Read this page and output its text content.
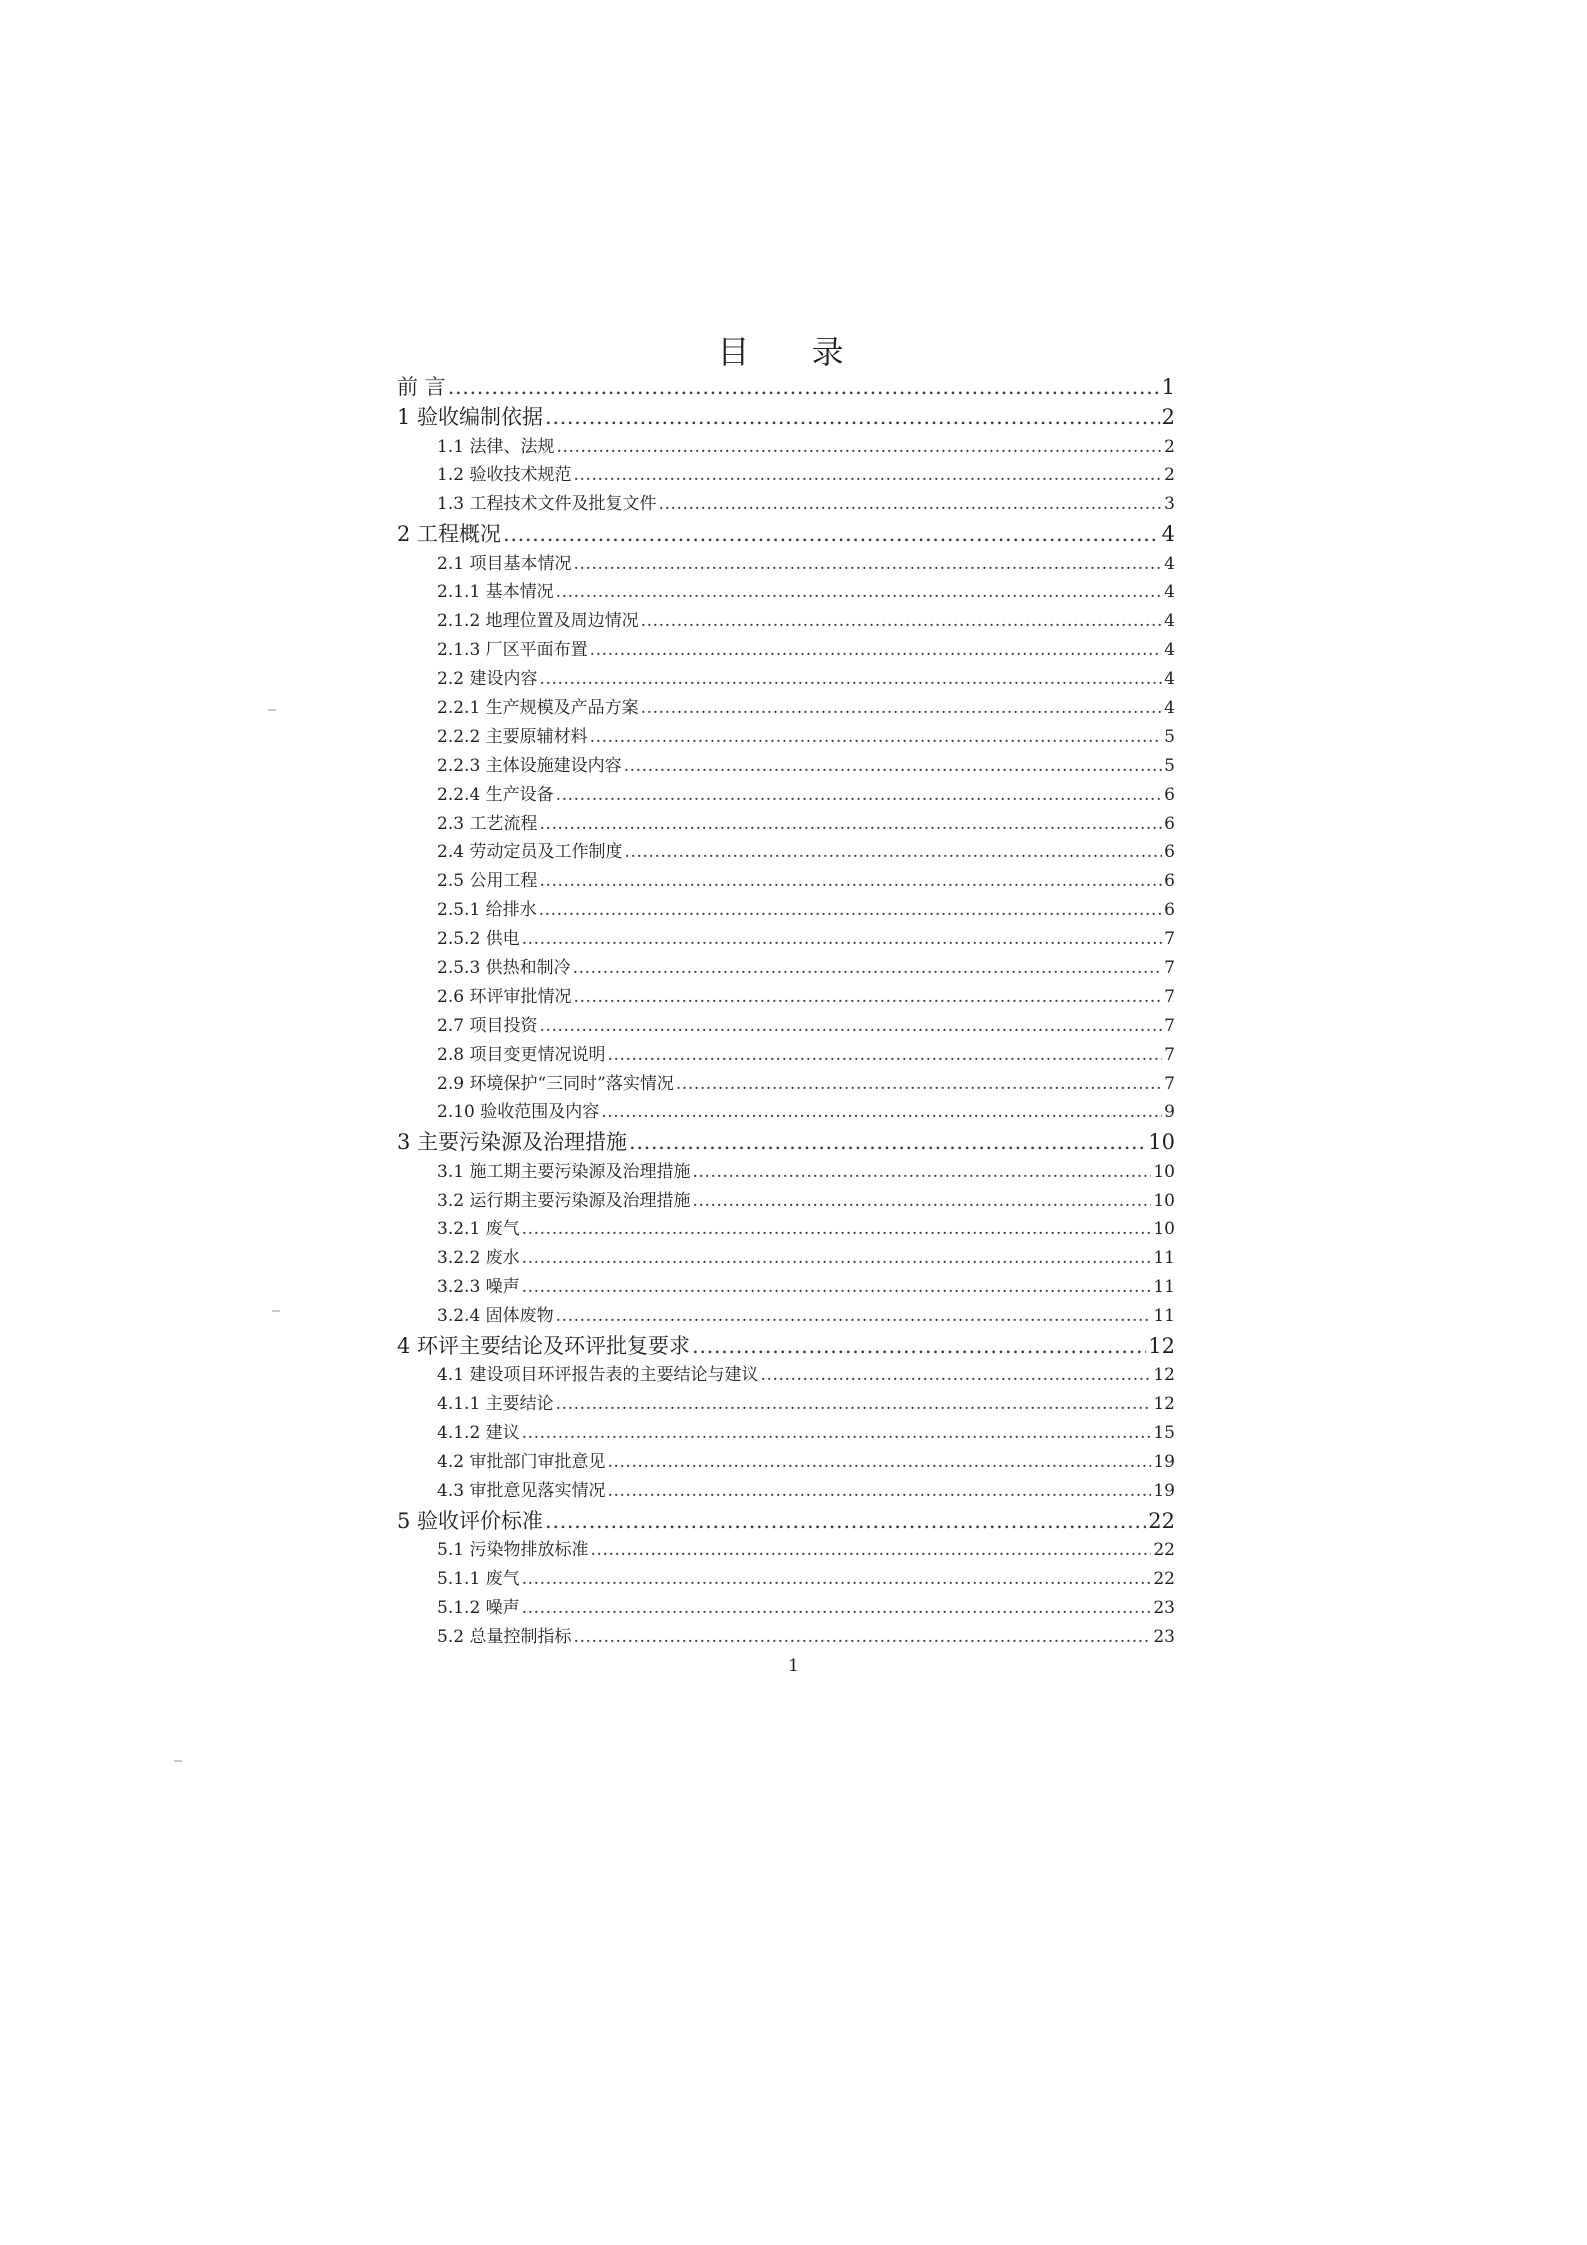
目 录
前 言 .....	1
1 验收编制依据 .....	2
1.1 法律、法规 .....	2
1.2 验收技术规范 .....	2
1.3 工程技术文件及批复文件 .....	3
2 工程概况 .....	4
2.1 项目基本情况 .....	4
2.1.1 基本情况 .....	4
2.1.2 地理位置及周边情况 .....	4
2.1.3 厂区平面布置 .....	4
2.2 建设内容 .....	4
2.2.1 生产规模及产品方案 .....	4
2.2.2 主要原辅材料 .....	5
2.2.3 主体设施建设内容 .....	5
2.2.4 生产设备 .....	6
2.3 工艺流程 .....	6
2.4 劳动定员及工作制度 .....	6
2.5 公用工程 .....	6
2.5.1 给排水 .....	6
2.5.2 供电 .....	7
2.5.3 供热和制冷 .....	7
2.6 环评审批情况 .....	7
2.7 项目投资 .....	7
2.8 项目变更情况说明 .....	7
2.9 环境保护“三同时”落实情况 .....	7
2.10 验收范围及内容 .....	9
3 主要污染源及治理措施 .....	10
3.1 施工期主要污染源及治理措施 .....	10
3.2 运行期主要污染源及治理措施 .....	10
3.2.1 废气 .....	10
3.2.2 废水 .....	11
3.2.3 噪声 .....	11
3.2.4 固体废物 .....	11
4 环评主要结论及环评批复要求 .....	12
4.1 建设项目环评报告表的主要结论与建议 .....	12
4.1.1 主要结论 .....	12
4.1.2 建议 .....	15
4.2 审批部门审批意见 .....	19
4.3 审批意见落实情况 .....	19
5 验收评价标准 .....	22
5.1 污染物排放标准 .....	22
5.1.1 废气 .....	22
5.1.2 噪声 .....	23
5.2 总量控制指标 .....	23
1
